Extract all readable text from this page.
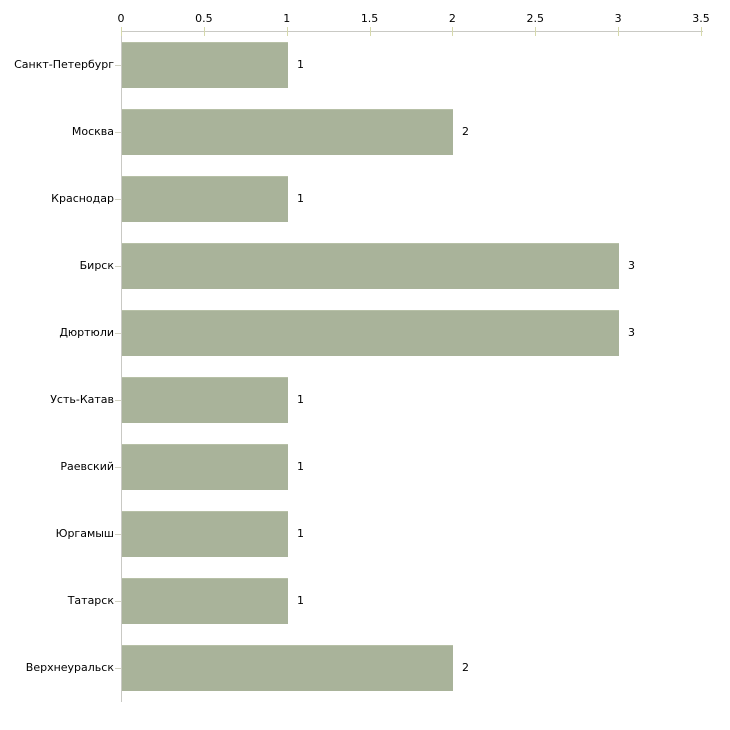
0	0.5	1	1.5	2	2.5	3	3.5
Санкт-Петербург	1
Москва	2
Краснодар	1
Бирск	3
Дюртюли	3
Усть-Катав	1
Раевский	1
Юргамыш	1
Татарск	1
Верхнеуральск	2
